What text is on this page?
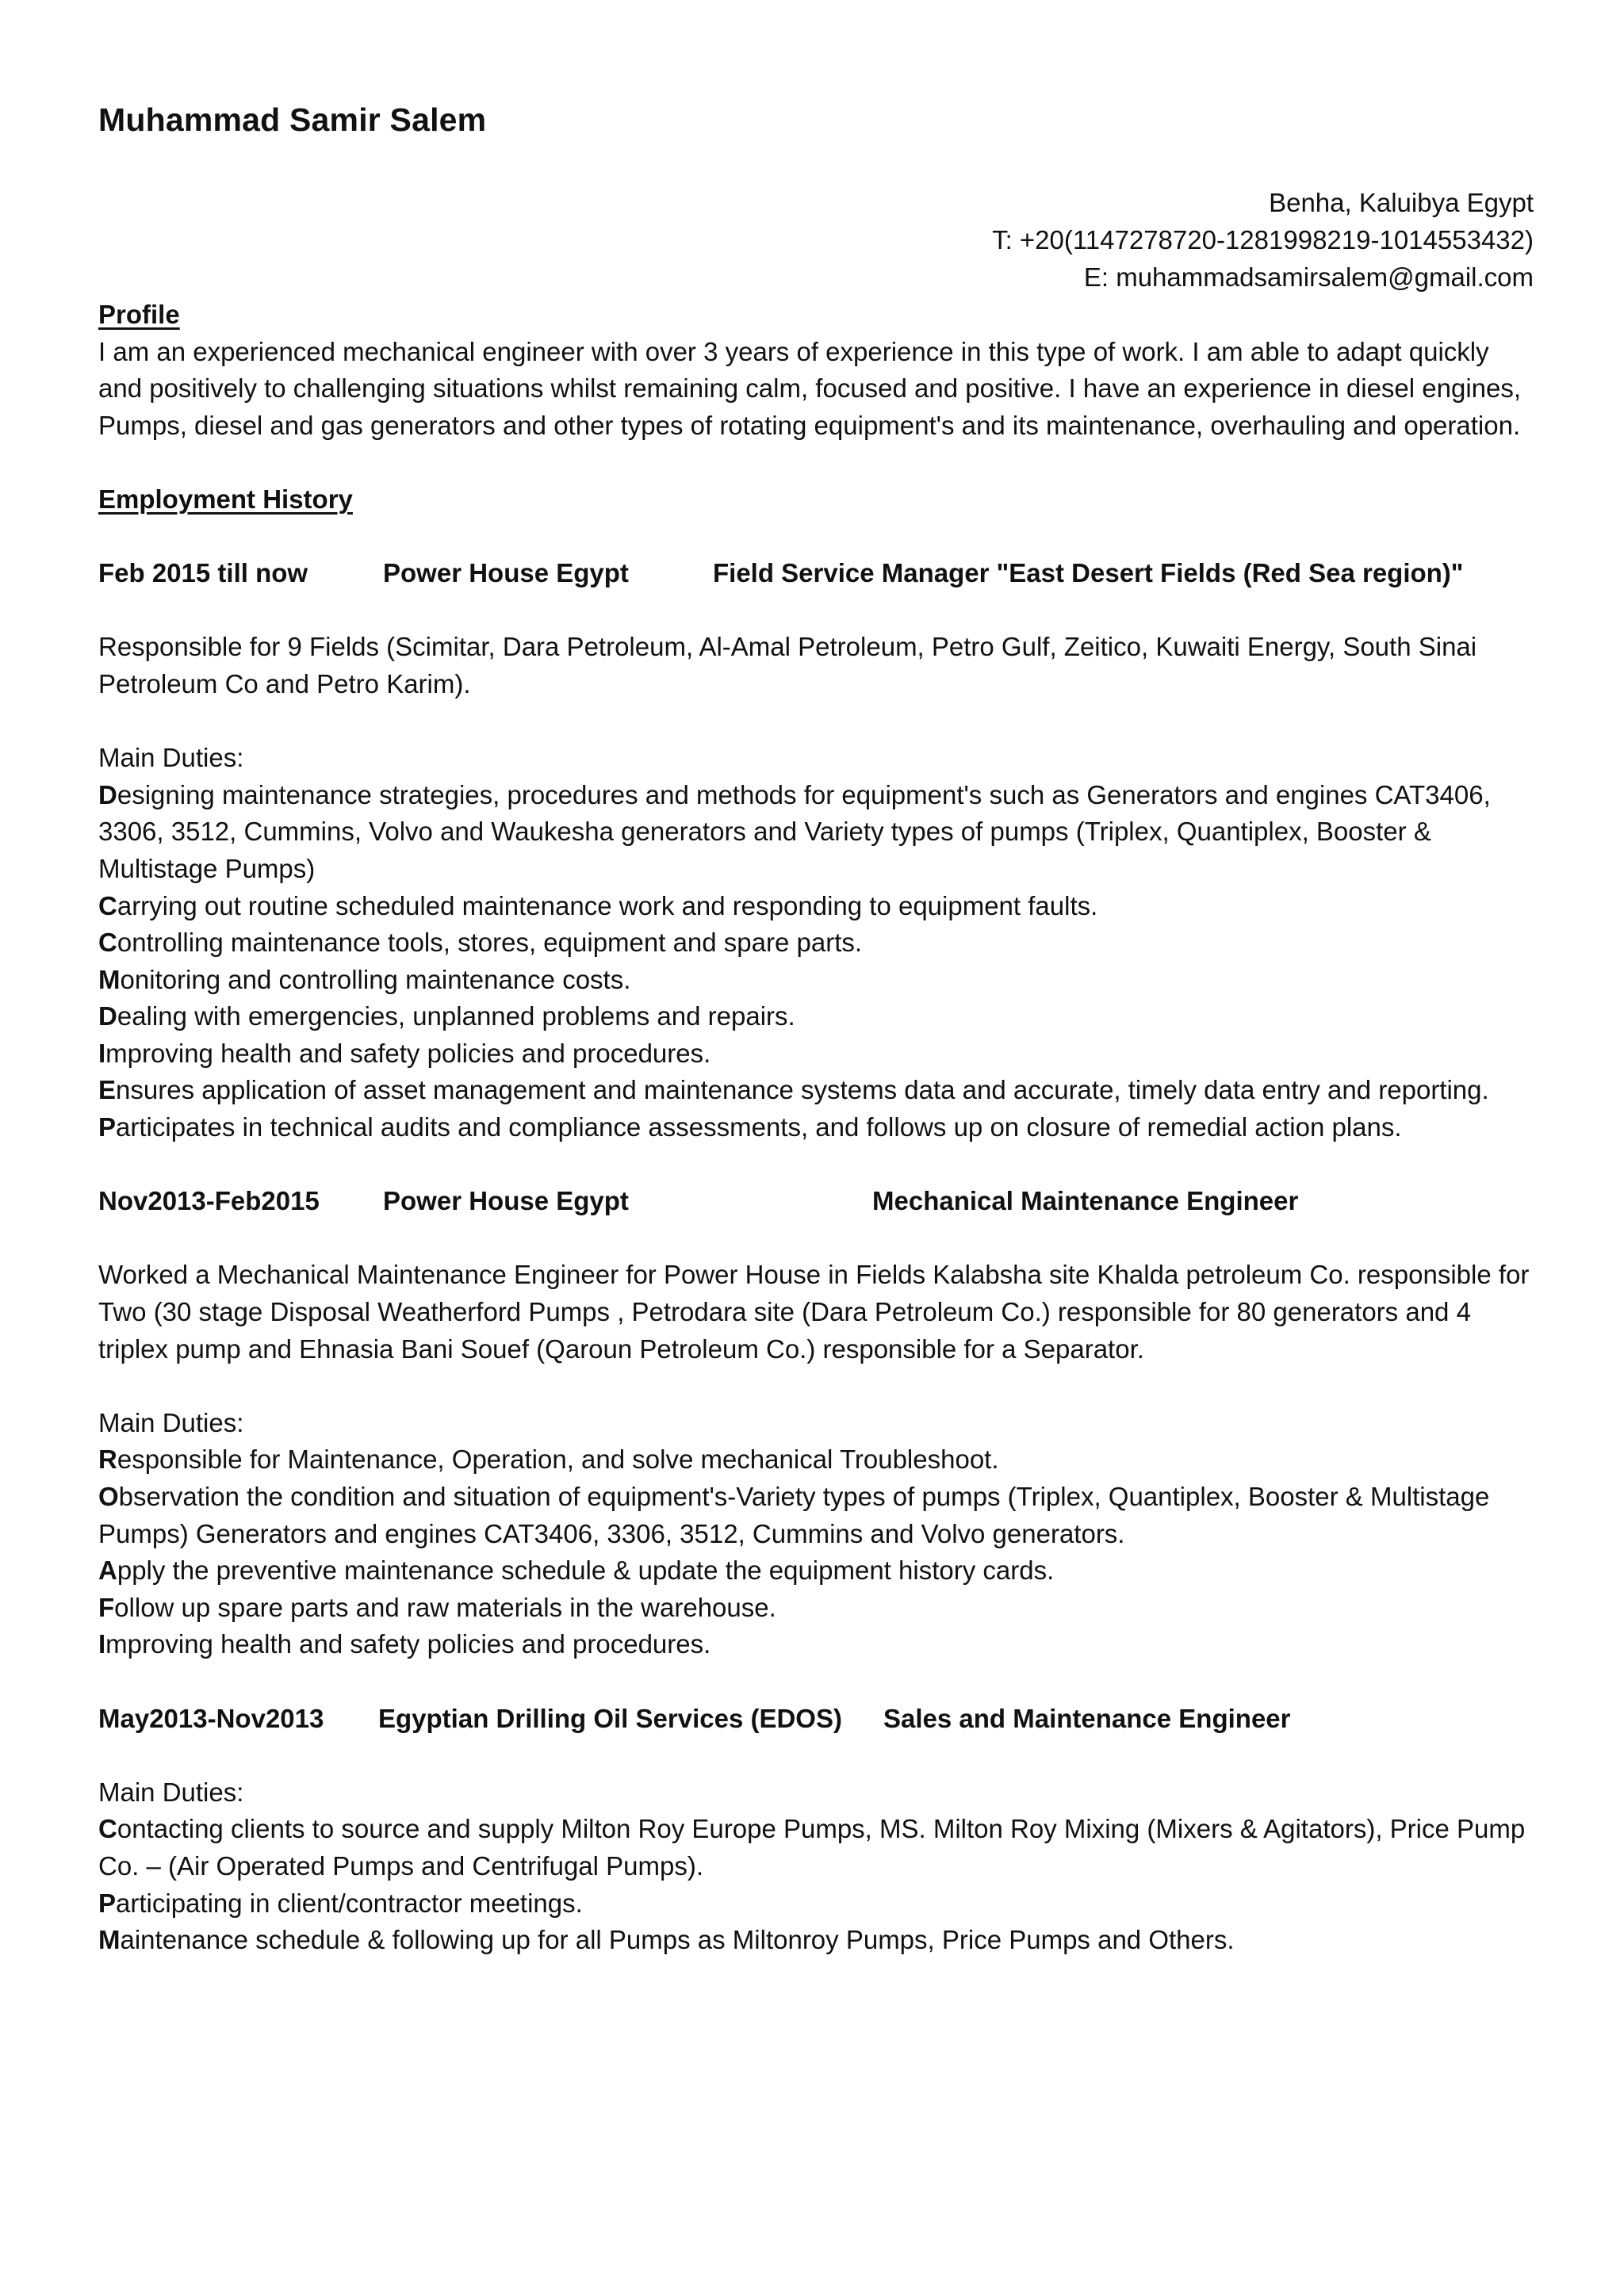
Muhammad Samir Salem
Benha, Kaluibya Egypt
T: +20(1147278720-1281998219-1014553432)
E: muhammadsamirsalem@gmail.com
Profile

I am an experienced mechanical engineer with over 3 years of experience in this type of work. I am able to adapt quickly and positively to challenging situations whilst remaining calm, focused and positive. I have an experience in diesel engines, Pumps, diesel and gas generators and other types of rotating equipment's and its maintenance, overhauling and operation.

Employment History
Feb 2015 till now	Power House Egypt	Field Service Manager "East Desert Fields (Red Sea region)"

Responsible for 9 Fields (Scimitar, Dara Petroleum, Al-Amal Petroleum, Petro Gulf, Zeitico, Kuwaiti Energy, South Sinai Petroleum Co and Petro Karim).

Main Duties:

Designing maintenance strategies, procedures and methods for equipment's such as Generators and engines CAT3406, 3306, 3512, Cummins, Volvo and Waukesha generators and Variety types of pumps (Triplex, Quantiplex, Booster & Multistage Pumps)

Carrying out routine scheduled maintenance work and responding to equipment faults.

Controlling maintenance tools, stores, equipment and spare parts.

Monitoring and controlling maintenance costs.

Dealing with emergencies, unplanned problems and repairs.

Improving health and safety policies and procedures.

Ensures application of asset management and maintenance systems data and accurate, timely data entry and reporting.

Participates in technical audits and compliance assessments, and follows up on closure of remedial action plans.

Nov2013-Feb2015 Power House Egypt	Mechanical Maintenance Engineer

Worked a Mechanical Maintenance Engineer for Power House in Fields Kalabsha site Khalda petroleum Co. responsible for Two (30 stage Disposal Weatherford Pumps , Petrodara site (Dara Petroleum Co.) responsible for 80 generators and 4 triplex pump and Ehnasia Bani Souef (Qaroun Petroleum Co.) responsible for a Separator.

Main Duties:

Responsible for Maintenance, Operation, and solve mechanical Troubleshoot.

Observation the condition and situation of equipment's-Variety types of pumps (Triplex, Quantiplex, Booster & Multistage Pumps) Generators and engines CAT3406, 3306, 3512, Cummins and Volvo generators.

Apply the preventive maintenance schedule & update the equipment history cards.

Follow up spare parts and raw materials in the warehouse.

Improving health and safety policies and procedures.

May2013-Nov2013 Egyptian Drilling Oil Services (EDOS) Sales and Maintenance Engineer
Main Duties:

Contacting clients to source and supply Milton Roy Europe Pumps, MS. Milton Roy Mixing (Mixers & Agitators), Price Pump Co. – (Air Operated Pumps and Centrifugal Pumps).

Participating in client/contractor meetings.

Maintenance schedule & following up for all Pumps as Miltonroy Pumps, Price Pumps and Others.
